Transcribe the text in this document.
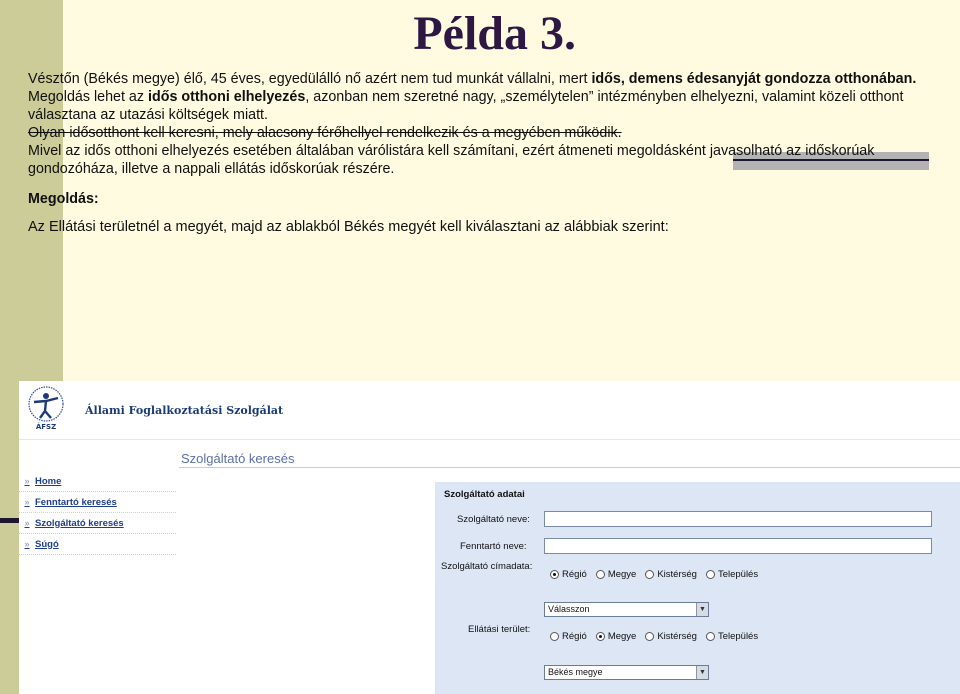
Példa 3.

Vésztőn (Békés megye) élő, 45 éves, egyedülálló nő azért nem tud munkát vállalni, mert idős, demens édesanyját gondozza otthonában.

Megoldás lehet az idős otthoni elhelyezés, azonban nem szeretné nagy, „személytelen” intézményben elhelyezni, valamint közeli otthont választana az utazási költségek miatt.

Olyan idősotthont kell keresni, mely alacsony férőhellyel rendelkezik és a megyében működik.

Mivel az idős otthoni elhelyezés esetében általában várólistára kell számítani, ezért átmeneti megoldásként javasolható az időskorúak gondozóháza, illetve a nappali ellátás időskorúak részére.

Megoldás:

Az Ellátási területnél a megyét, majd az ablakból Békés megyét kell kiválasztani az alábbiak szerint:

ÁFSZ
Állami Foglalkoztatási Szolgálat
» Home
» Fenntartó keresés
» Szolgáltató keresés
» Súgó
Szolgáltató keresés
Szolgáltató adatai
Szolgáltató neve:
Fenntartó neve:
Szolgáltató címadata:
Régió Megye Kistérség Település
Válasszon	▼
Ellátási terület:
Régió Megye Kistérség Település
Békés megye	▼
